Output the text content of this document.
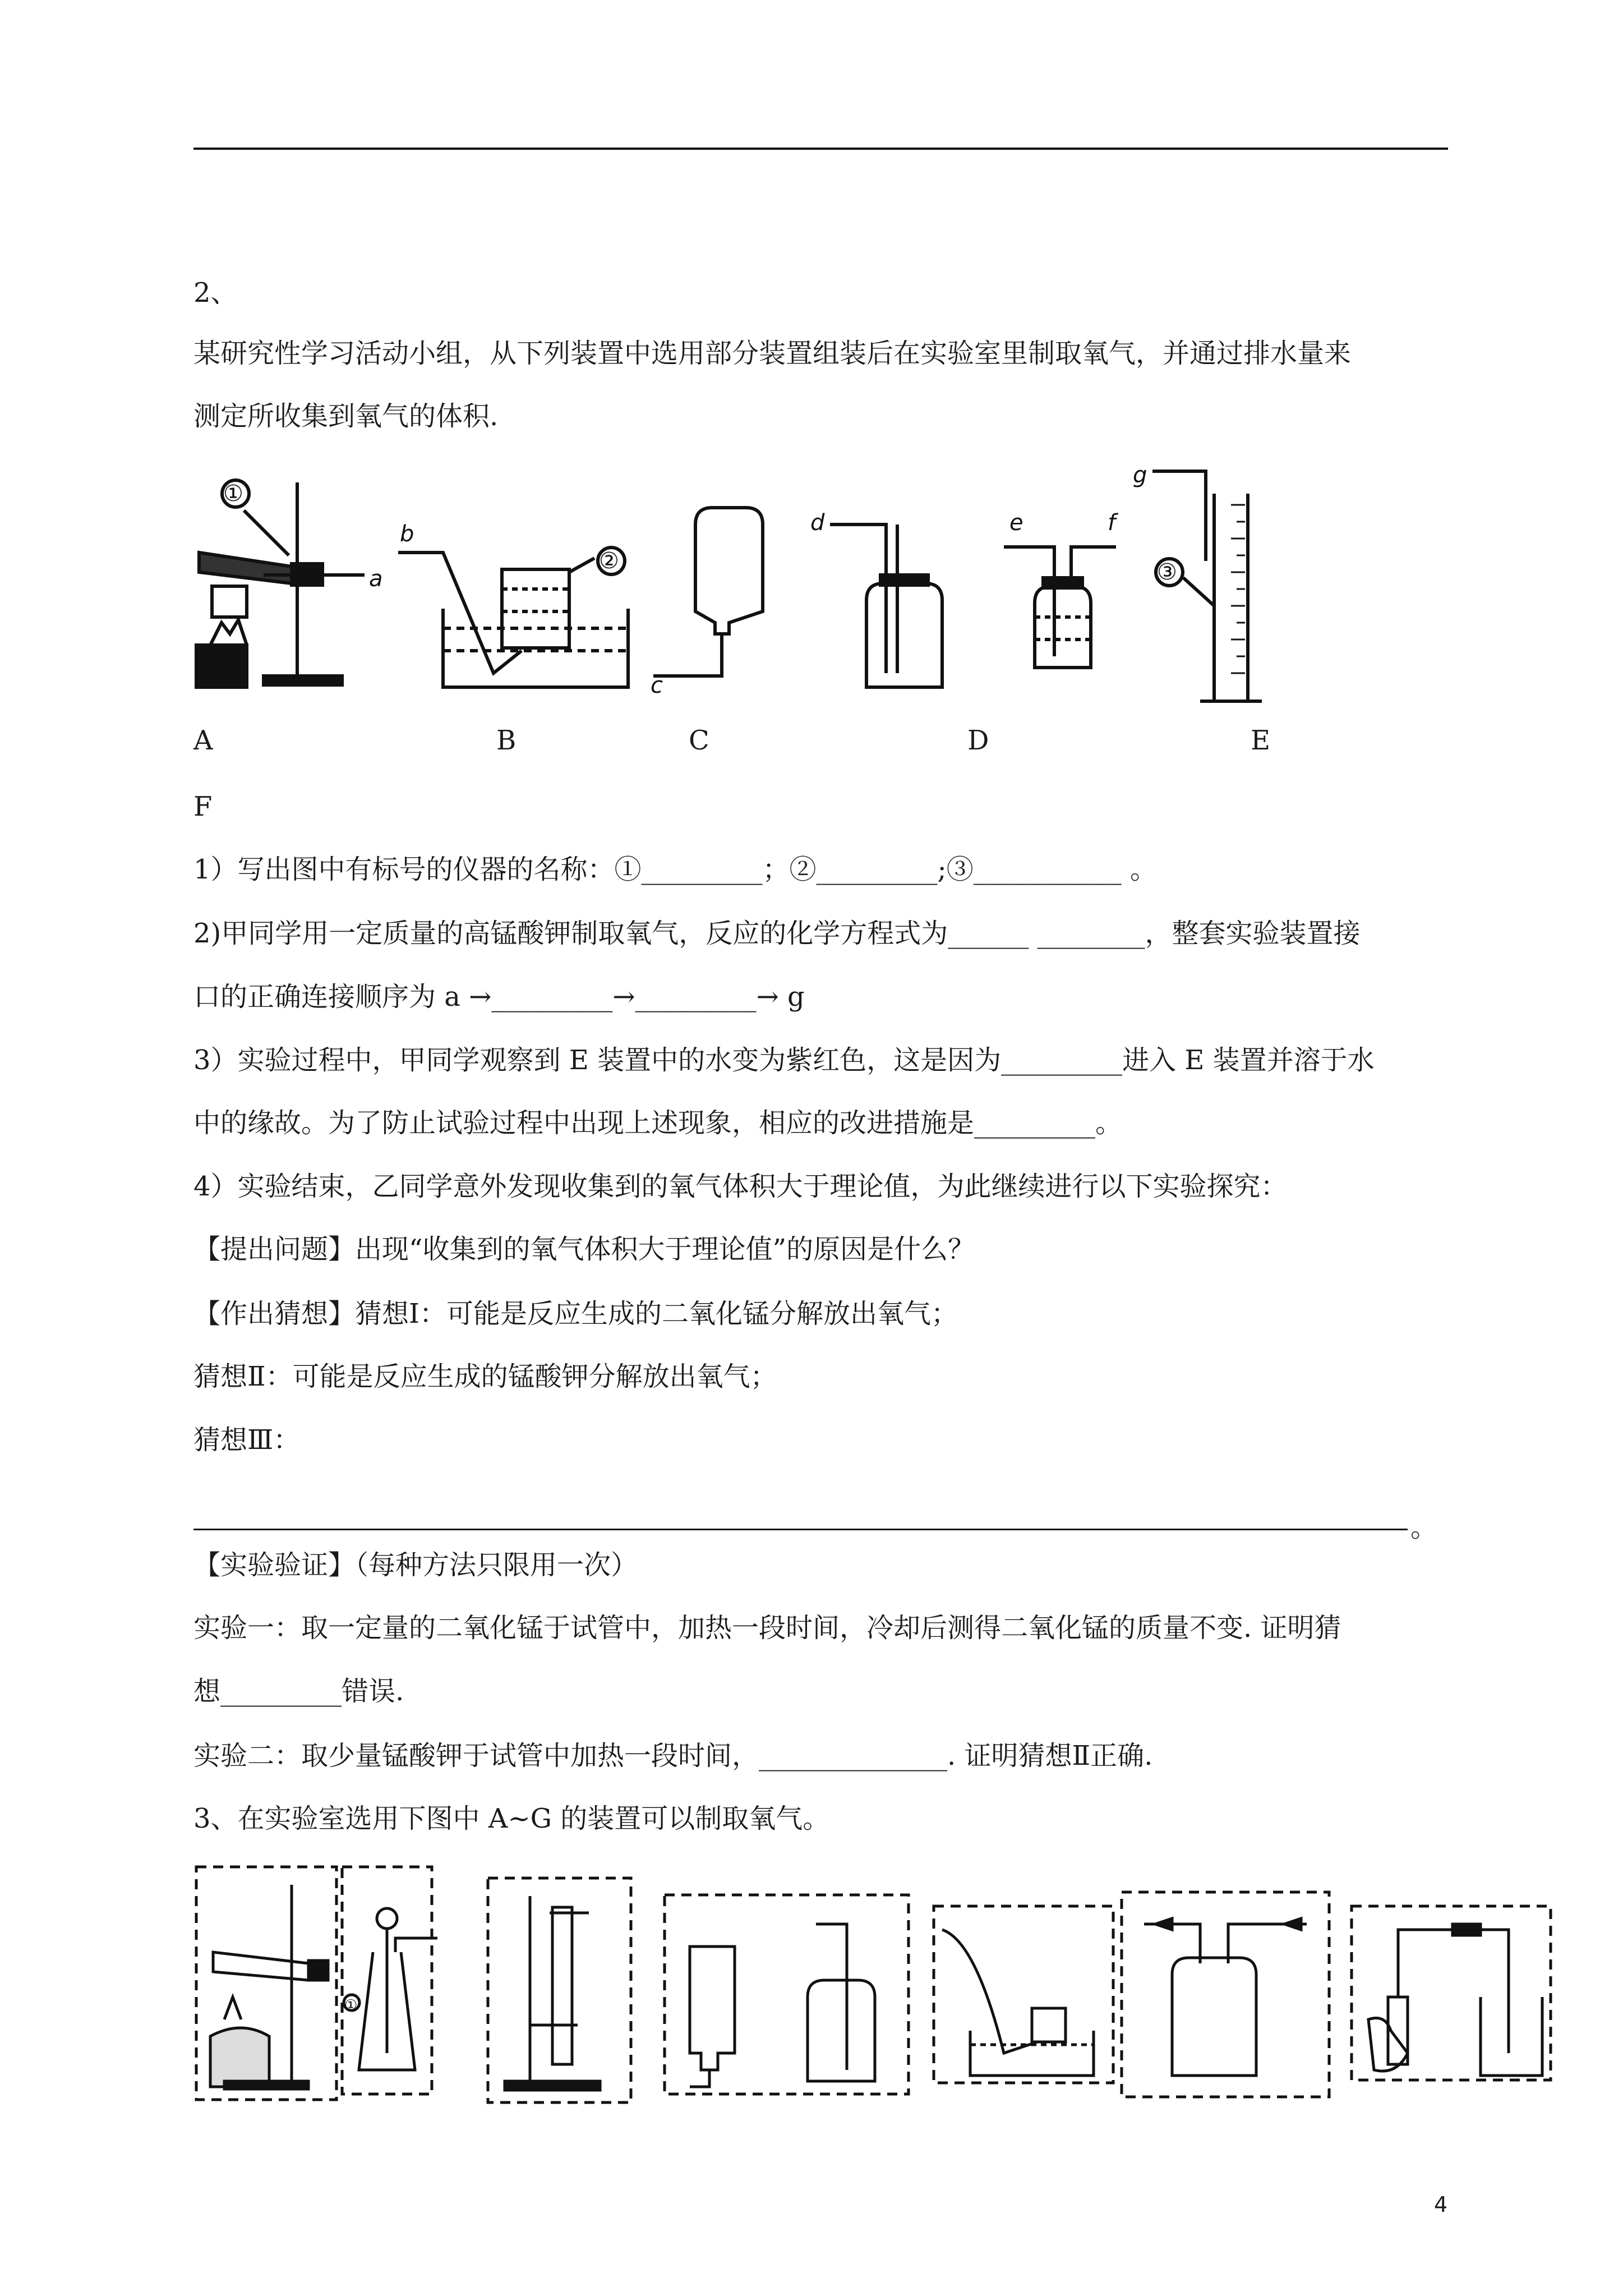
2、
某研究性学习活动小组，从下列装置中选用部分装置组装后在实验室里制取氧气，并通过排水量来
测定所收集到氧气的体积.
①
②	③
a
b
c
d	e	f
g
A	B	C	D	E
F
1）写出图中有标号的仪器的名称：①_________；②_________;③___________ 。
2)甲同学用一定质量的高锰酸钾制取氧气，反应的化学方程式为______ ________，整套实验装置接
口的正确连接顺序为 a →_________→_________→ g
3）实验过程中，甲同学观察到 E 装置中的水变为紫红色，这是因为_________进入 E 装置并溶于水
中的缘故。为了防止试验过程中出现上述现象，相应的改进措施是_________。
4）实验结束，乙同学意外发现收集到的氧气体积大于理论值，为此继续进行以下实验探究：
【提出问题】出现“收集到的氧气体积大于理论值”的原因是什么？
【作出猜想】猜想Ⅰ：可能是反应生成的二氧化锰分解放出氧气；
猜想Ⅱ：可能是反应生成的锰酸钾分解放出氧气；
猜想Ⅲ：
。
【实验验证】（每种方法只限用一次）
实验一：取一定量的二氧化锰于试管中，加热一段时间，冷却后测得二氧化锰的质量不变. 证明猜
想_________错误.
实验二：取少量锰酸钾于试管中加热一段时间，______________. 证明猜想Ⅱ正确.
3、在实验室选用下图中 A~G 的装置可以制取氧气。
①
4
